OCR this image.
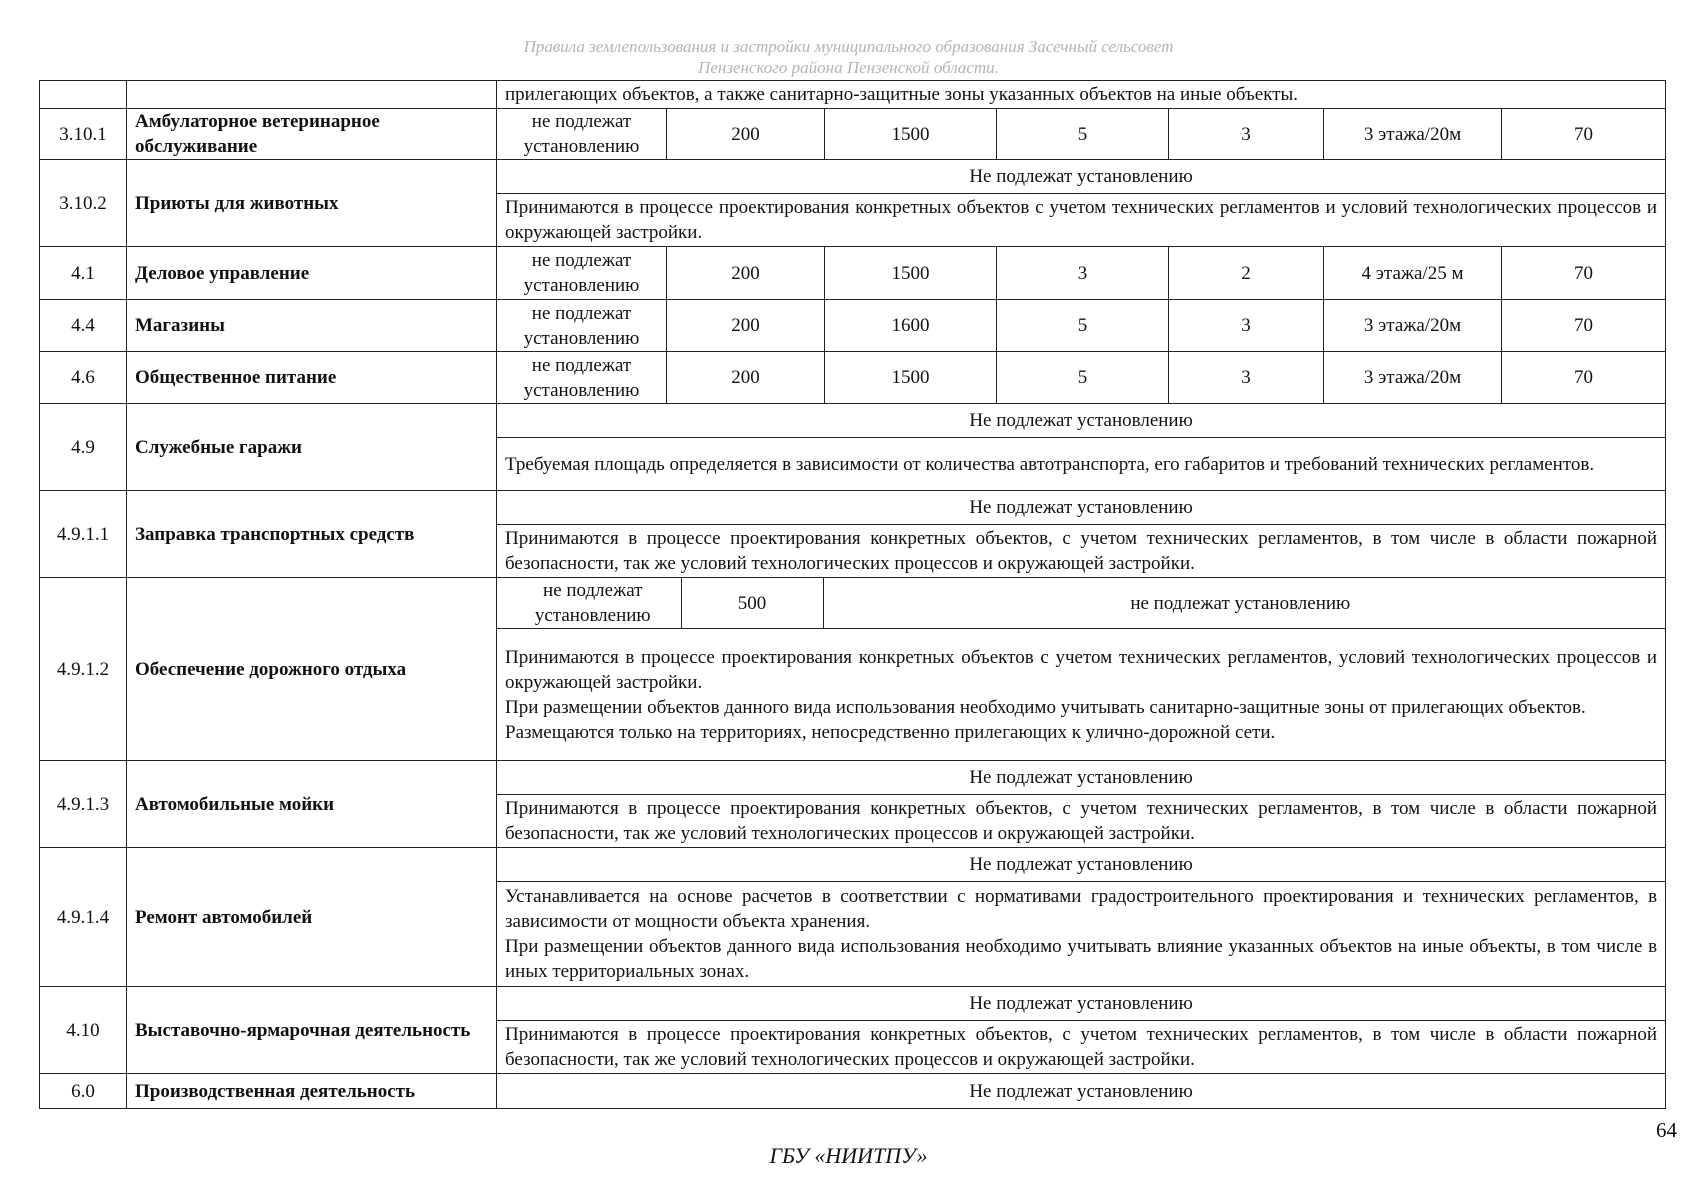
Правила землепользования и застройки муниципального образования Засечный сельсовет
Пензенского района Пензенской области.
		прилегающих объектов, а также санитарно-защитные зоны указанных объектов на иные объекты.
3.10.1	Амбулаторное ветеринарное обслуживание	не подлежат установлению	200	1500	5	3	3 этажа/20м	70
3.10.2	Приюты для животных	Не подлежат установлению
Принимаются в процессе проектирования конкретных объектов с учетом технических регламентов и условий технологических процессов и окружающей застройки.
4.1	Деловое управление	не подлежат установлению	200	1500	3	2	4 этажа/25 м	70
4.4	Магазины	не подлежат установлению	200	1600	5	3	3 этажа/20м	70
4.6	Общественное питание	не подлежат установлению	200	1500	5	3	3 этажа/20м	70
4.9	Служебные гаражи	Не подлежат установлению
Требуемая площадь определяется в зависимости от количества автотранспорта, его габаритов и требований технических регламентов.
4.9.1.1	Заправка транспортных средств	Не подлежат установлению
Принимаются в процессе проектирования конкретных объектов, с учетом технических регламентов, в том числе в области пожарной безопасности, так же условий технологических процессов и окружающей застройки.
4.9.1.2	Обеспечение дорожного отдыха	
не подлежат установлению	500	не подлежат установлению

Принимаются в процессе проектирования конкретных объектов с учетом технических регламентов, условий технологических процессов и окружающей застройки.
При размещении объектов данного вида использования необходимо учитывать санитарно-защитные зоны от прилегающих объектов.
Размещаются только на территориях, непосредственно прилегающих к улично-дорожной сети.

4.9.1.3	Автомобильные мойки	Не подлежат установлению
Принимаются в процессе проектирования конкретных объектов, с учетом технических регламентов, в том числе в области пожарной безопасности, так же условий технологических процессов и окружающей застройки.
4.9.1.4	Ремонт автомобилей	Не подлежат установлению

Устанавливается на основе расчетов в соответствии с нормативами градостроительного проектирования и технических регламентов, в зависимости от мощности объекта хранения.
При размещении объектов данного вида использования необходимо учитывать влияние указанных объектов на иные объекты, в том числе в иных территориальных зонах.

4.10	Выставочно-ярмарочная деятельность	Не подлежат установлению
Принимаются в процессе проектирования конкретных объектов, с учетом технических регламентов, в том числе в области пожарной безопасности, так же условий технологических процессов и окружающей застройки.
6.0	Производственная деятельность	Не подлежат установлению
64
ГБУ «НИИТПУ»
